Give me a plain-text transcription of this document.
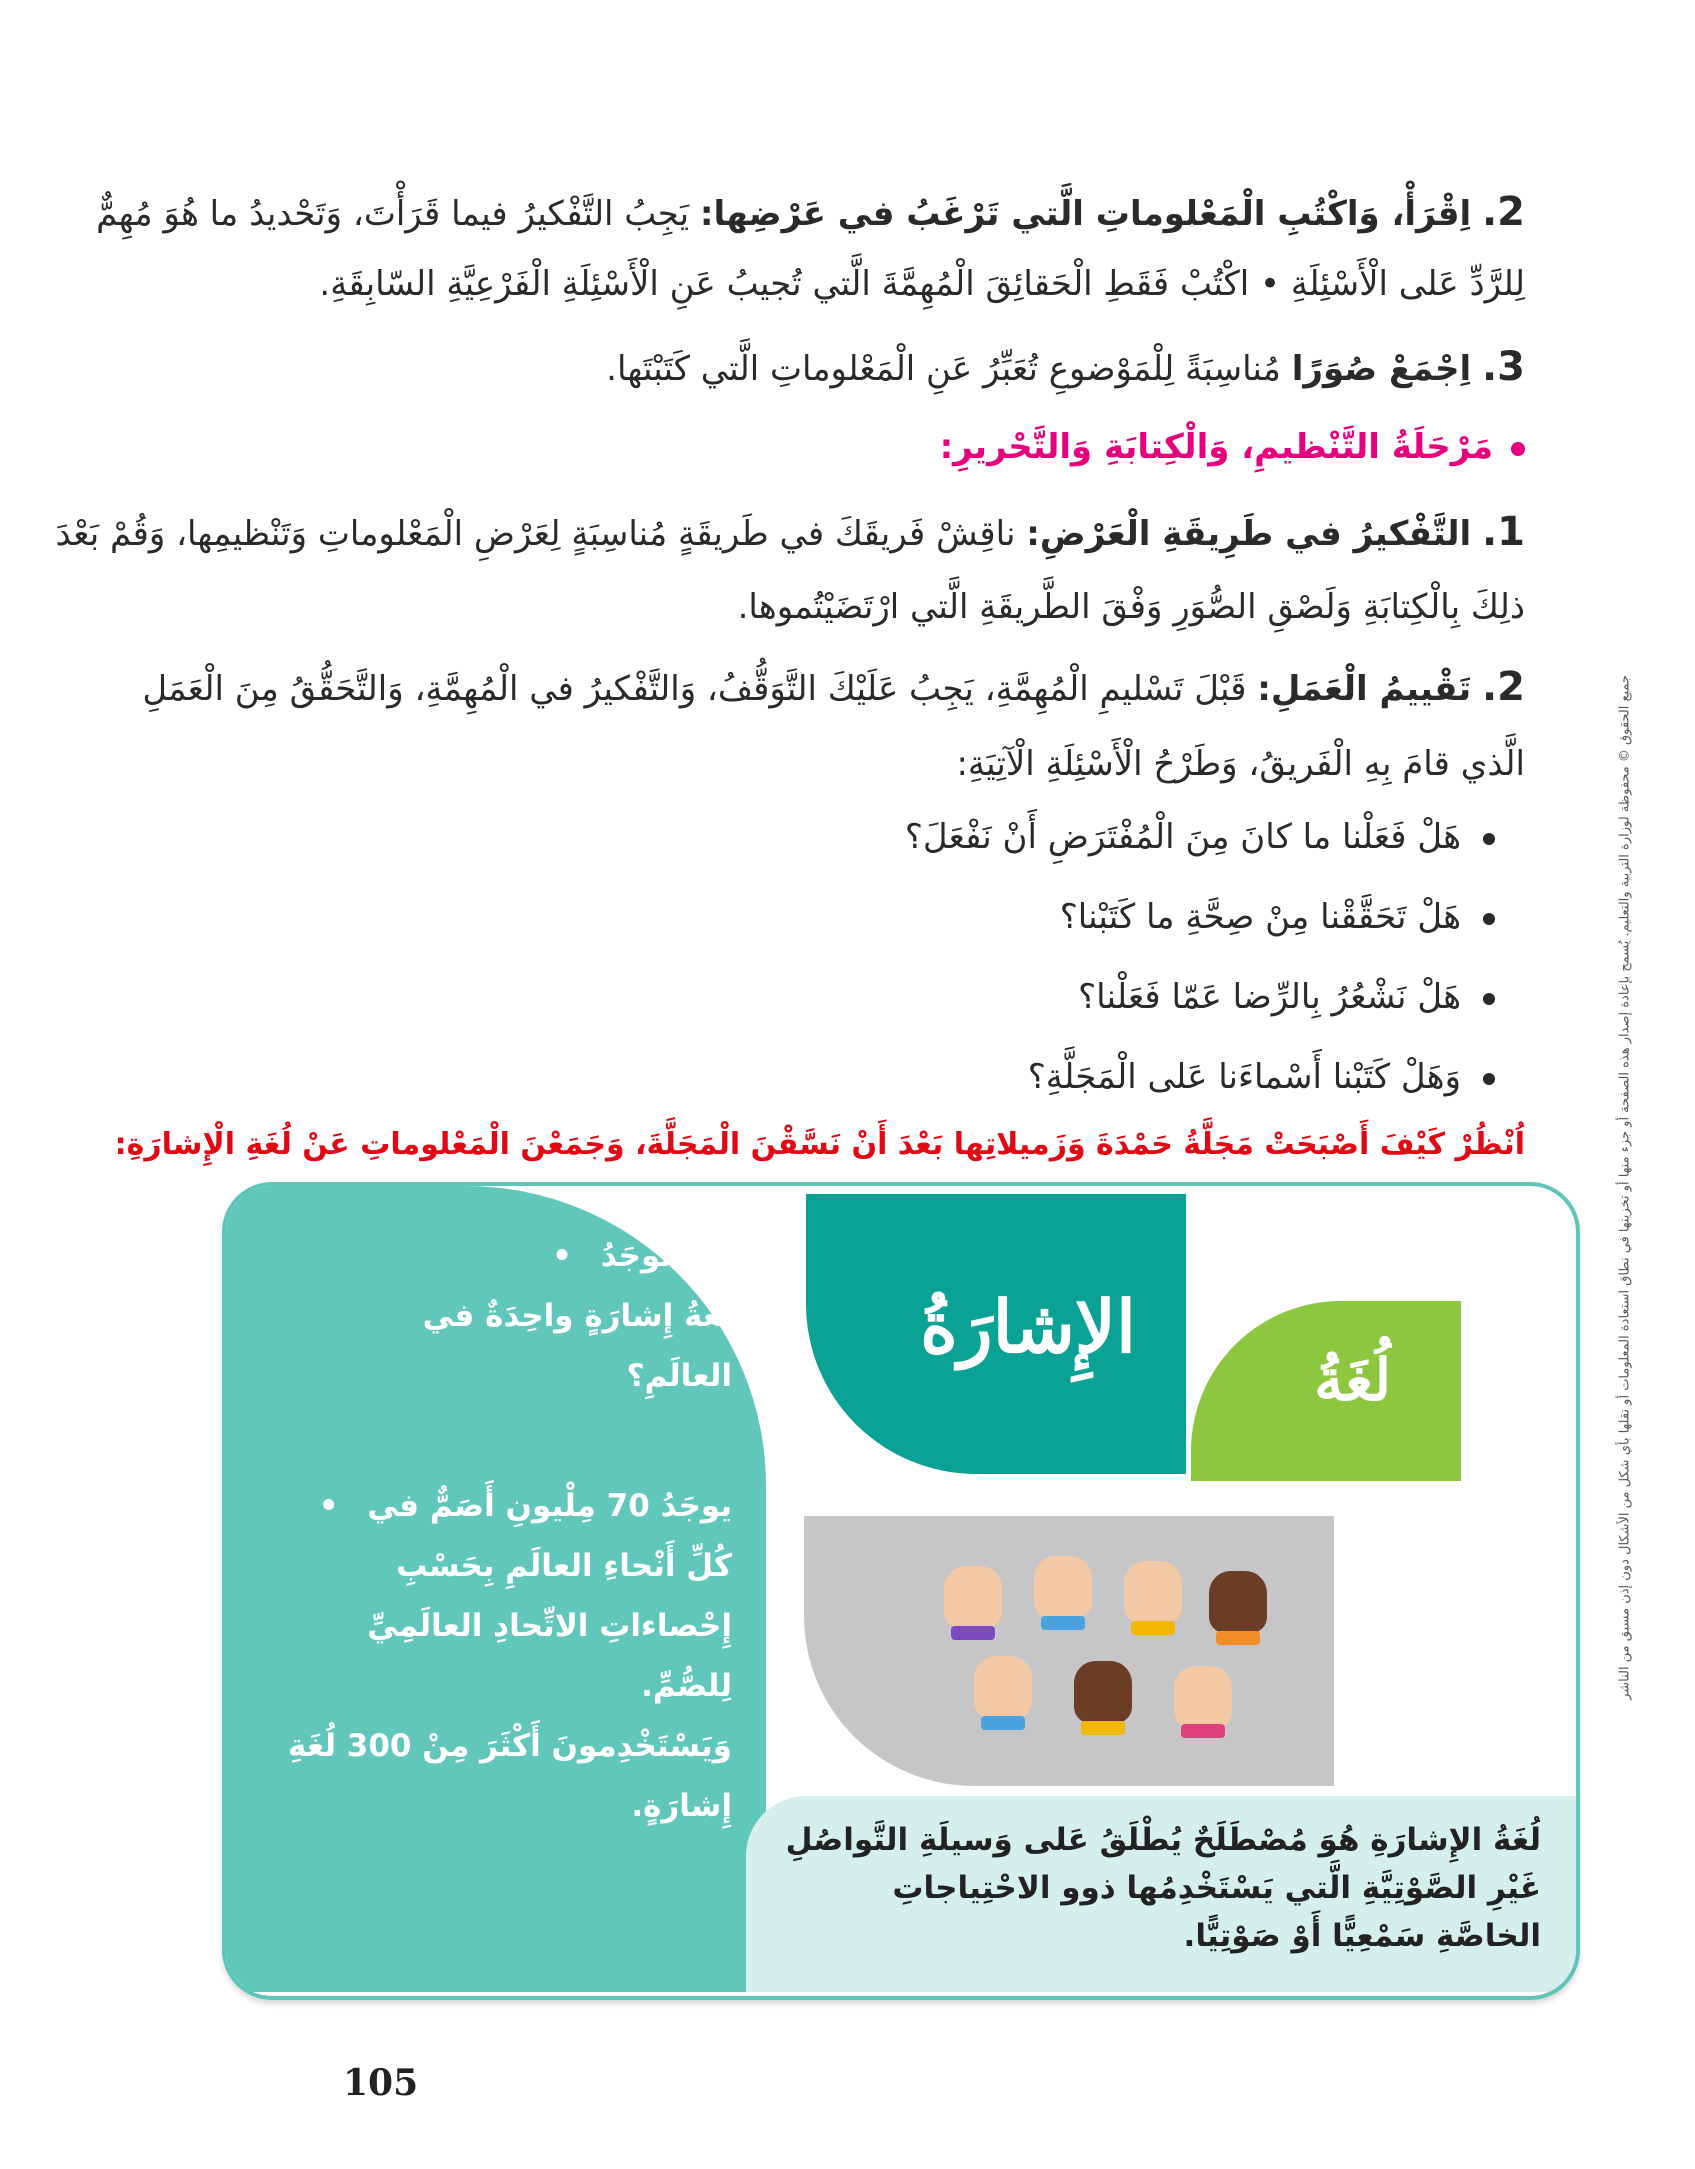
2. اِقْرَأْ، وَاكْتُبِ الْمَعْلوماتِ الَّتي تَرْغَبُ في عَرْضِها: يَجِبُ التَّفْكيرُ فيما قَرَأْتَ، وَتَحْديدُ ما هُوَ مُهِمٌّ
لِلرَّدِّ عَلى الْأَسْئِلَةِ • اكْتُبْ فَقَطِ الْحَقائِقَ الْمُهِمَّةَ الَّتي تُجيبُ عَنِ الْأَسْئِلَةِ الْفَرْعِيَّةِ السّابِقَةِ.
3. اِجْمَعْ صُوَرًا مُناسِبَةً لِلْمَوْضوعِ تُعَبِّرُ عَنِ الْمَعْلوماتِ الَّتي كَتَبْتَها.
مَرْحَلَةُ التَّنْظيمِ، وَالْكِتابَةِ وَالتَّحْريرِ:
1. التَّفْكيرُ في طَرِيقَةِ الْعَرْضِ: ناقِشْ فَريقَكَ في طَريقَةٍ مُناسِبَةٍ لِعَرْضِ الْمَعْلوماتِ وَتَنْظيمِها، وَقُمْ بَعْدَ
ذلِكَ بِالْكِتابَةِ وَلَصْقِ الصُّوَرِ وَفْقَ الطَّريقَةِ الَّتي ارْتَضَيْتُموها.
2. تَقْييمُ الْعَمَلِ: قَبْلَ تَسْليمِ الْمُهِمَّةِ، يَجِبُ عَلَيْكَ التَّوَقُّفُ، وَالتَّفْكيرُ في الْمُهِمَّةِ، وَالتَّحَقُّقُ مِنَ الْعَمَلِ
الَّذي قامَ بِهِ الْفَريقُ، وَطَرْحُ الْأَسْئِلَةِ الْآتِيَةِ:
هَلْ فَعَلْنا ما كانَ مِنَ الْمُفْتَرَضِ أَنْ نَفْعَلَ؟
هَلْ تَحَقَّقْنا مِنْ صِحَّةِ ما كَتَبْنا؟
هَلْ نَشْعُرُ بِالرِّضا عَمّا فَعَلْنا؟
وَهَلْ كَتَبْنا أَسْماءَنا عَلى الْمَجَلَّةِ؟
اُنْظُرْ كَيْفَ أَصْبَحَتْ مَجَلَّةُ حَمْدَةَ وَزَميلاتِها بَعْدَ أَنْ نَسَّقْنَ الْمَجَلَّةَ، وَجَمَعْنَ الْمَعْلوماتِ عَنْ لُغَةِ الْإِشارَةِ:	جميع الحقوق © محفوظة لوزارة التربية والتعليم. يُسمح بإعادة إصدار هذه الصفحة أو جزء منها أو تخزينها في نطاق استعادة المعلومات أو نقلها بأي شكل من الأشكال دون إذن مسبق من الناشر
هَلْ توجَدُ •
لُغَةُ إِشارَةٍ واحِدَةٌ في
العالَمِ؟
يوجَدُ 70 مِلْيونِ أَصَمٌّ في •
كُلِّ أَنْحاءِ العالَمِ بِحَسْبِ
إِحْصاءاتِ الاتِّحادِ العالَمِيِّ لِلصُّمِّ.
وَيَسْتَخْدِمونَ أَكْثَرَ مِنْ 300 لُغَةِ
إِشارَةٍ.
الإِشارَةُ
لُغَةُ
لُغَةُ الإِشارَةِ هُوَ مُصْطَلَحٌ يُطْلَقُ عَلى وَسيلَةِ التَّواصُلِ غَيْرِ الصَّوْتِيَّةِ الَّتي يَسْتَخْدِمُها ذوو الاحْتِياجاتِ الخاصَّةِ سَمْعِيًّا أَوْ صَوْتِيًّا.
105
